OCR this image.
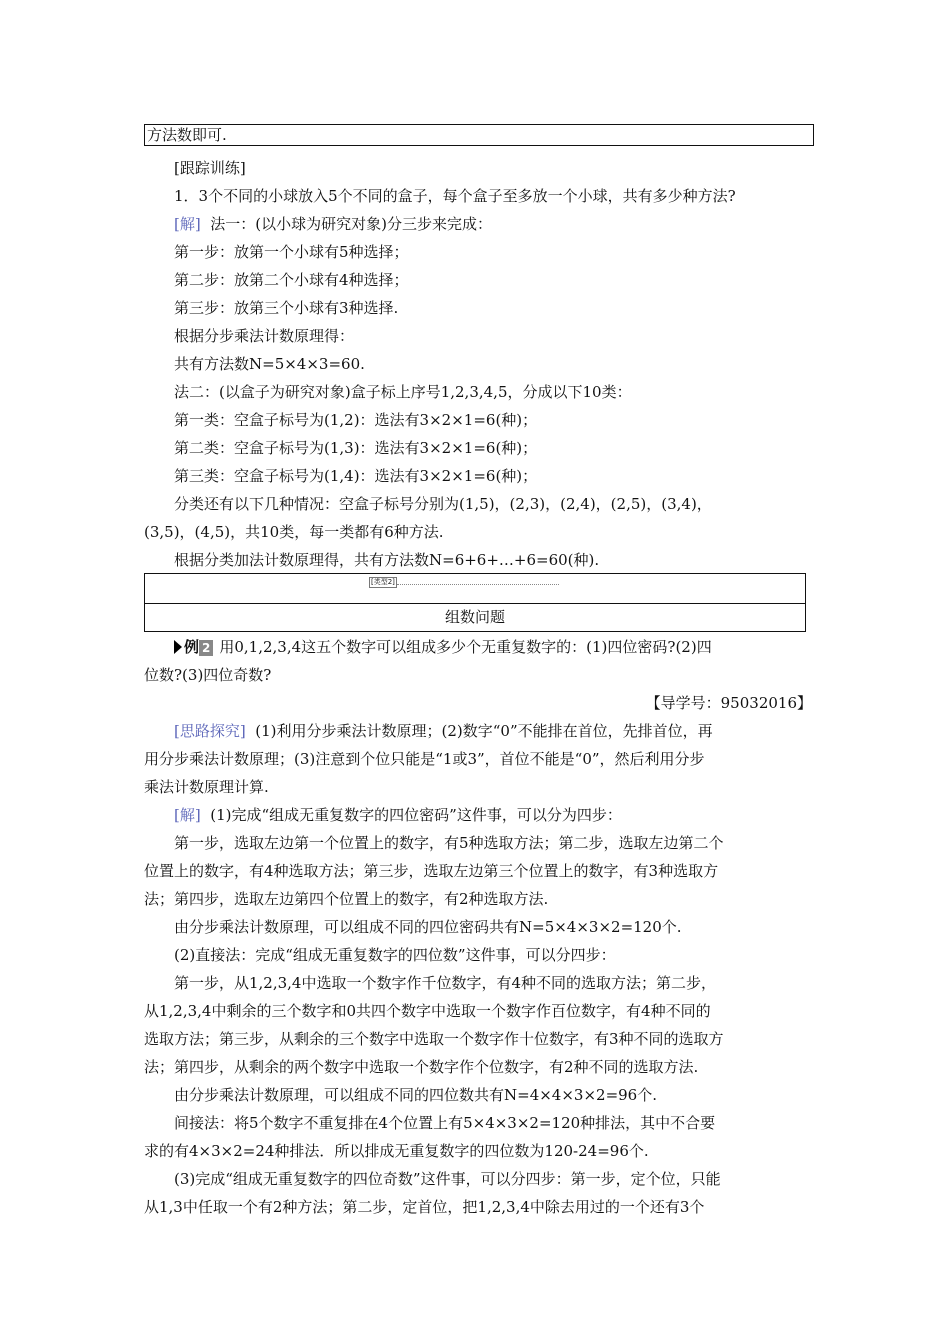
方法数即可.
[跟踪训练]
1．3个不同的小球放入5个不同的盒子，每个盒子至多放一个小球，共有多少种方法?
[解] 法一：(以小球为研究对象)分三步来完成：
第一步：放第一个小球有5种选择；
第二步：放第二个小球有4种选择；
第三步：放第三个小球有3种选择.
根据分步乘法计数原理得：
共有方法数N=5×4×3=60.
法二：(以盒子为研究对象)盒子标上序号1,2,3,4,5，分成以下10类：
第一类：空盒子标号为(1,2)：选法有3×2×1=6(种)；
第二类：空盒子标号为(1,3)：选法有3×2×1=6(种)；
第三类：空盒子标号为(1,4)：选法有3×2×1=6(种)；
分类还有以下几种情况：空盒子标号分别为(1,5)，(2,3)，(2,4)，(2,5)，(3,4)，
(3,5)，(4,5)，共10类，每一类都有6种方法.
根据分类加法计数原理得，共有方法数N=6+6+…+6=60(种).
[类型2]
组数问题
例 2 用0,1,2,3,4这五个数字可以组成多少个无重复数字的：(1)四位密码?(2)四
位数?(3)四位奇数?
【导学号：95032016】
[思路探究] (1)利用分步乘法计数原理；(2)数字“0”不能排在首位，先排首位，再
用分步乘法计数原理；(3)注意到个位只能是“1或3”，首位不能是“0”，然后利用分步
乘法计数原理计算.
[解] (1)完成“组成无重复数字的四位密码”这件事，可以分为四步：
第一步，选取左边第一个位置上的数字，有5种选取方法；第二步，选取左边第二个
位置上的数字，有4种选取方法；第三步，选取左边第三个位置上的数字，有3种选取方
法；第四步，选取左边第四个位置上的数字，有2种选取方法.
由分步乘法计数原理，可以组成不同的四位密码共有N=5×4×3×2=120个.
(2)直接法：完成“组成无重复数字的四位数”这件事，可以分四步：
第一步，从1,2,3,4中选取一个数字作千位数字，有4种不同的选取方法；第二步，
从1,2,3,4中剩余的三个数字和0共四个数字中选取一个数字作百位数字，有4种不同的
选取方法；第三步，从剩余的三个数字中选取一个数字作十位数字，有3种不同的选取方
法；第四步，从剩余的两个数字中选取一个数字作个位数字，有2种不同的选取方法.
由分步乘法计数原理，可以组成不同的四位数共有N=4×4×3×2=96个.
间接法：将5个数字不重复排在4个位置上有5×4×3×2=120种排法，其中不合要
求的有4×3×2=24种排法．所以排成无重复数字的四位数为120-24=96个.
(3)完成“组成无重复数字的四位奇数”这件事，可以分四步：第一步，定个位，只能
从1,3中任取一个有2种方法；第二步，定首位，把1,2,3,4中除去用过的一个还有3个
